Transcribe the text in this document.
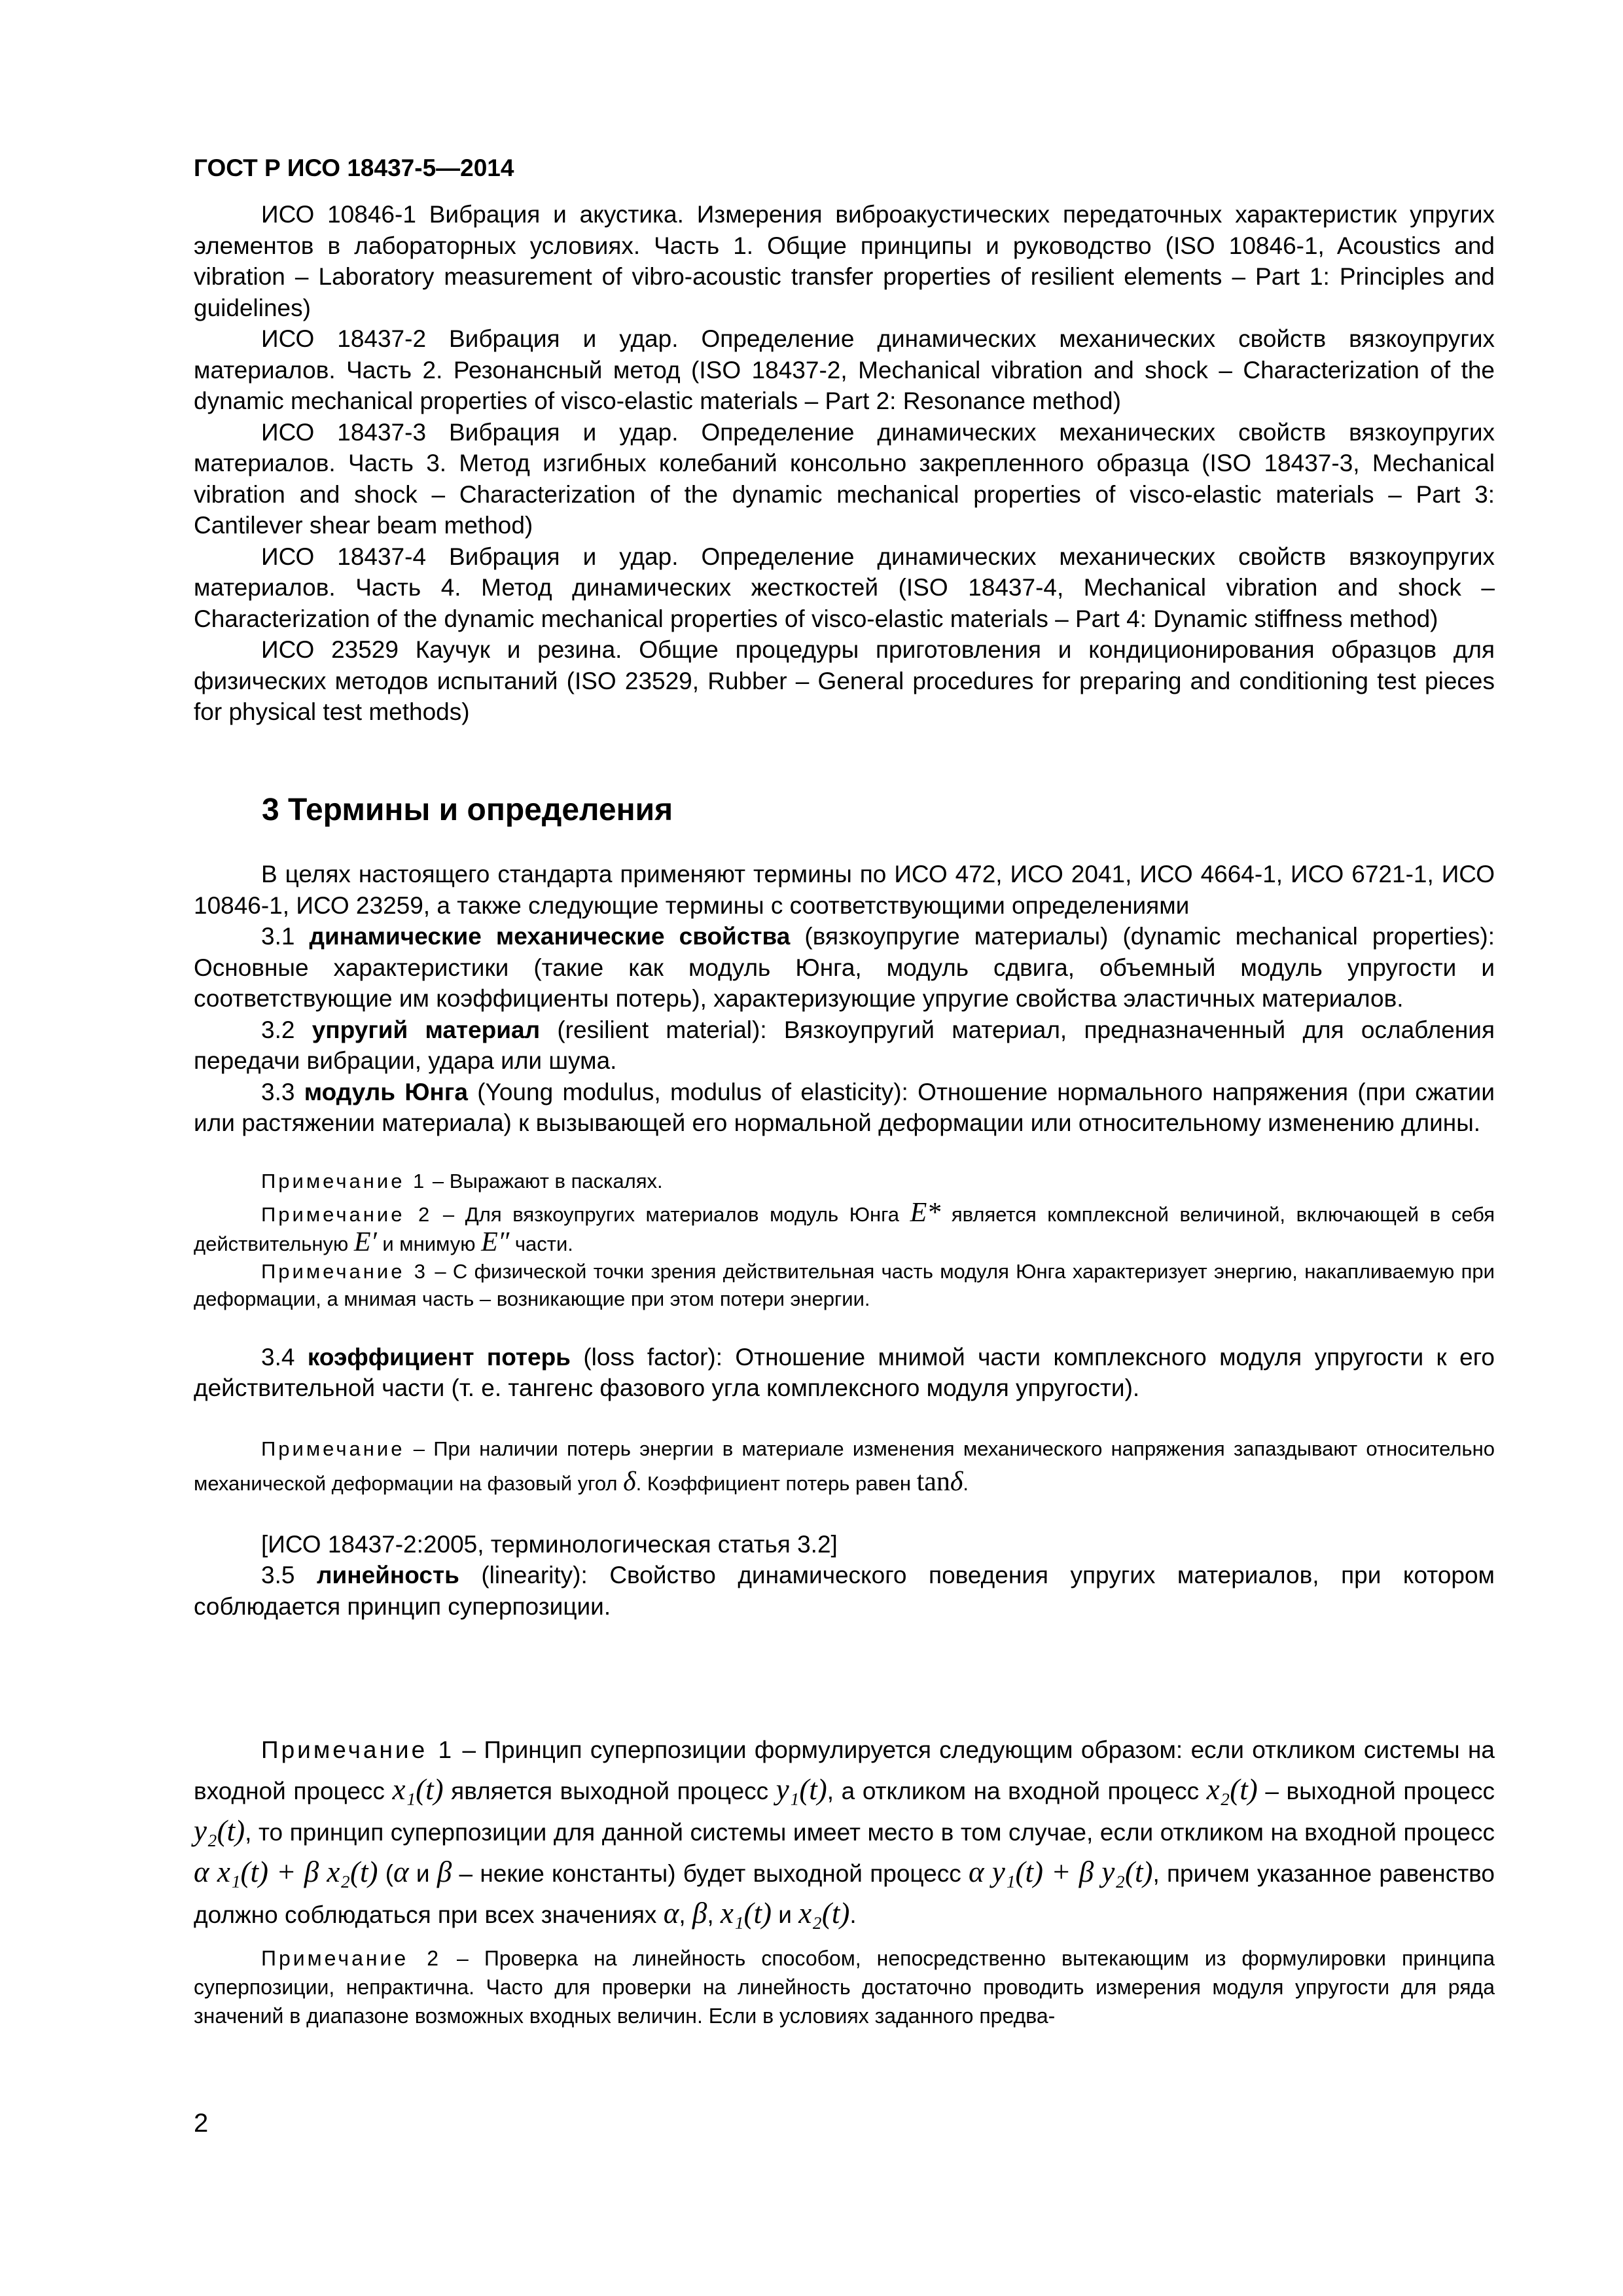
ГОСТ Р ИСО 18437-5—2014

ИСО 10846-1 Вибрация и акустика. Измерения виброакустических передаточных характеристик упругих элементов в лабораторных условиях. Часть 1. Общие принципы и руководство (ISO 10846-1, Acoustics and vibration – Laboratory measurement of vibro-acoustic transfer properties of resilient elements – Part 1: Principles and guidelines)

ИСО 18437-2 Вибрация и удар. Определение динамических механических свойств вязкоупругих материалов. Часть 2. Резонансный метод (ISO 18437-2, Mechanical vibration and shock – Characterization of the dynamic mechanical properties of visco-elastic materials – Part 2: Resonance method)

ИСО 18437-3 Вибрация и удар. Определение динамических механических свойств вязкоупругих материалов. Часть 3. Метод изгибных колебаний консольно закрепленного образца (ISO 18437-3, Mechanical vibration and shock – Characterization of the dynamic mechanical properties of visco-elastic materials – Part 3: Cantilever shear beam method)

ИСО 18437-4 Вибрация и удар. Определение динамических механических свойств вязкоупругих материалов. Часть 4. Метод динамических жесткостей (ISO 18437-4, Mechanical vibration and shock – Characterization of the dynamic mechanical properties of visco-elastic materials – Part 4: Dynamic stiffness method)

ИСО 23529 Каучук и резина. Общие процедуры приготовления и кондиционирования образцов для физических методов испытаний (ISO 23529, Rubber – General procedures for preparing and conditioning test pieces for physical test methods)

3 Термины и определения

В целях настоящего стандарта применяют термины по ИСО 472, ИСО 2041, ИСО 4664-1, ИСО 6721-1, ИСО 10846-1, ИСО 23259, а также следующие термины с соответствующими определениями

3.1 динамические механические свойства (вязкоупругие материалы) (dynamic mechanical properties): Основные характеристики (такие как модуль Юнга, модуль сдвига, объемный модуль упругости и соответствующие им коэффициенты потерь), характеризующие упругие свойства эластичных материалов.

3.2 упругий материал (resilient material): Вязкоупругий материал, предназначенный для ослабления передачи вибрации, удара или шума.

3.3 модуль Юнга (Young modulus, modulus of elasticity): Отношение нормального напряжения (при сжатии или растяжении материала) к вызывающей его нормальной деформации или относительному изменению длины.

Примечание 1 – Выражают в паскалях.

Примечание 2 – Для вязкоупругих материалов модуль Юнга E* является комплексной величиной, включающей в себя действительную E′ и мнимую E″ части.

Примечание 3 – С физической точки зрения действительная часть модуля Юнга характеризует энергию, накапливаемую при деформации, а мнимая часть – возникающие при этом потери энергии.

3.4 коэффициент потерь (loss factor): Отношение мнимой части комплексного модуля упругости к его действительной части (т. е. тангенс фазового угла комплексного модуля упругости).

Примечание – При наличии потерь энергии в материале изменения механического напряжения запаздывают относительно механической деформации на фазовый угол δ. Коэффициент потерь равен tanδ.

[ИСО 18437-2:2005, терминологическая статья 3.2]

3.5 линейность (linearity): Свойство динамического поведения упругих материалов, при котором соблюдается принцип суперпозиции.

Примечание 1 – Принцип суперпозиции формулируется следующим образом: если откликом системы на входной процесс x₁(t) является выходной процесс y₁(t), а откликом на входной процесс x₂(t) – выходной процесс y₂(t), то принцип суперпозиции для данной системы имеет место в том случае, если откликом на входной процесс α x₁(t) + β x₂(t) (α и β – некие константы) будет выходной процесс α y₁(t) + β y₂(t), причем указанное равенство должно соблюдаться при всех значениях α, β, x₁(t) и x₂(t).

Примечание 2 – Проверка на линейность способом, непосредственно вытекающим из формулировки принципа суперпозиции, непрактична. Часто для проверки на линейность достаточно проводить измерения модуля упругости для ряда значений в диапазоне возможных входных величин. Если в условиях заданного предва-

2
